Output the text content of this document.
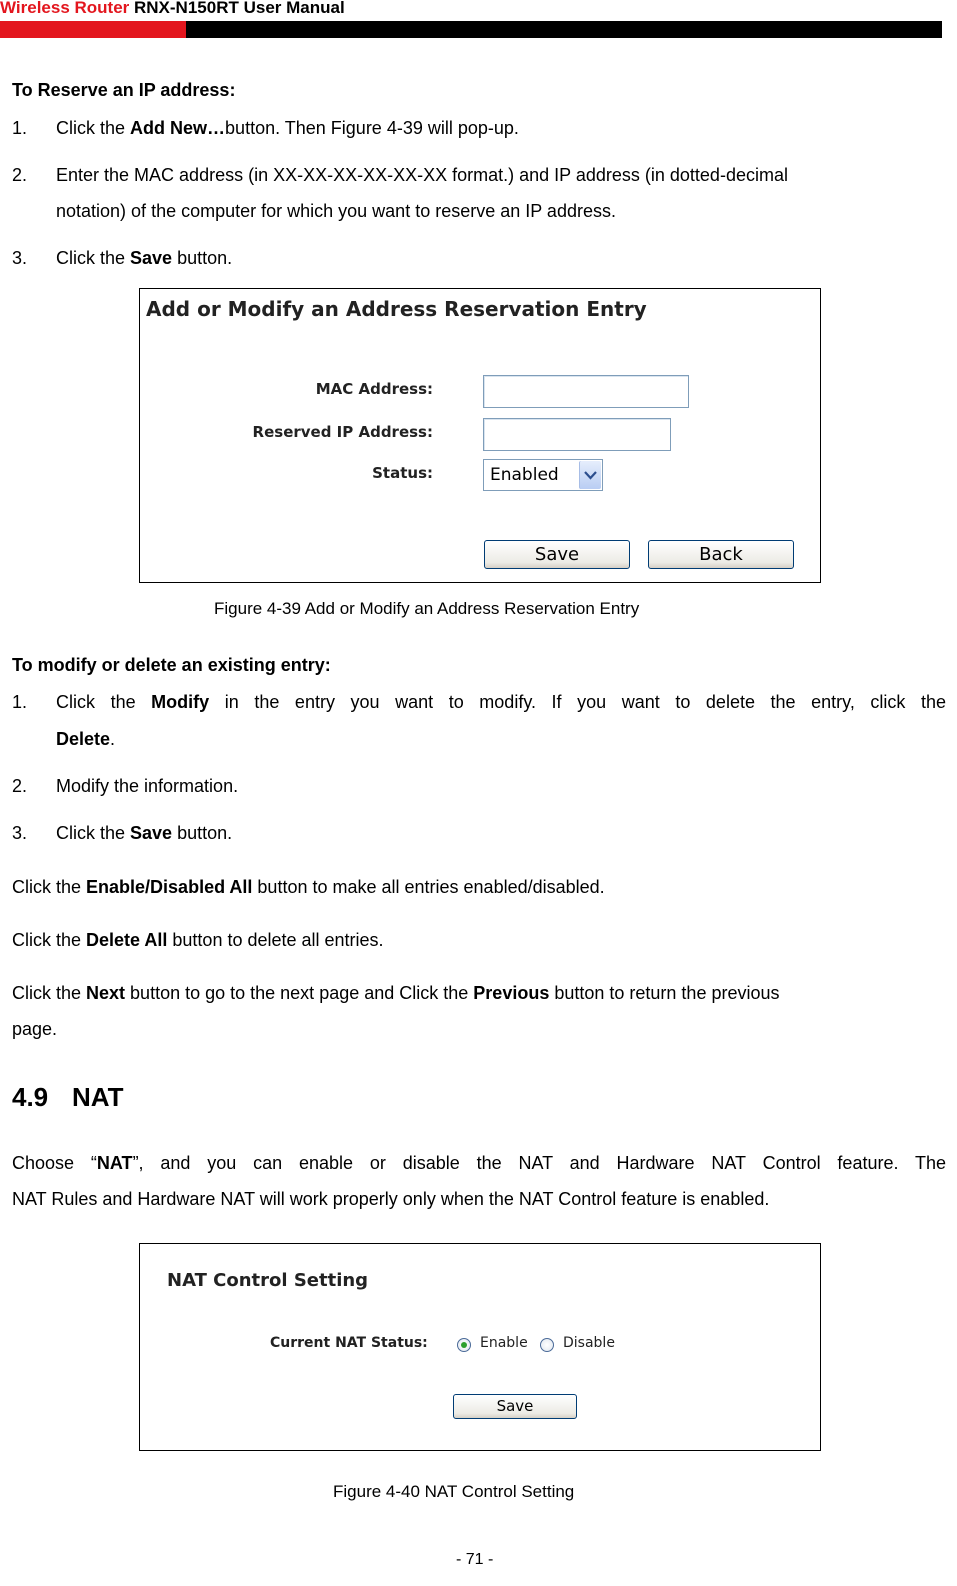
Wireless Router RNX-N150RT User Manual
To Reserve an IP address:
1. Click the Add New…button. Then Figure 4-39 will pop-up.
2. Enter the MAC address (in XX-XX-XX-XX-XX-XX format.) and IP address (in dotted-decimal
notation) of the computer for which you want to reserve an IP address.
3. Click the Save button.
Add or Modify an Address Reservation Entry
MAC Address:
Reserved IP Address:
Status:	Enabled
Save	Back
Figure 4-39 Add or Modify an Address Reservation Entry
To modify or delete an existing entry:
1. Click the Modify in the entry you want to modify. If you want to delete the entry, click the
Delete.
2. Modify the information.
3. Click the Save button.
Click the Enable/Disabled All button to make all entries enabled/disabled.
Click the Delete All button to delete all entries.
Click the Next button to go to the next page and Click the Previous button to return the previous
page.
4.9 NAT
Choose “NAT”, and you can enable or disable the NAT and Hardware NAT Control feature. The
NAT Rules and Hardware NAT will work properly only when the NAT Control feature is enabled.
NAT Control Setting
Current NAT Status:	Enable	Disable
Save
Figure 4-40 NAT Control Setting
- 71 -
